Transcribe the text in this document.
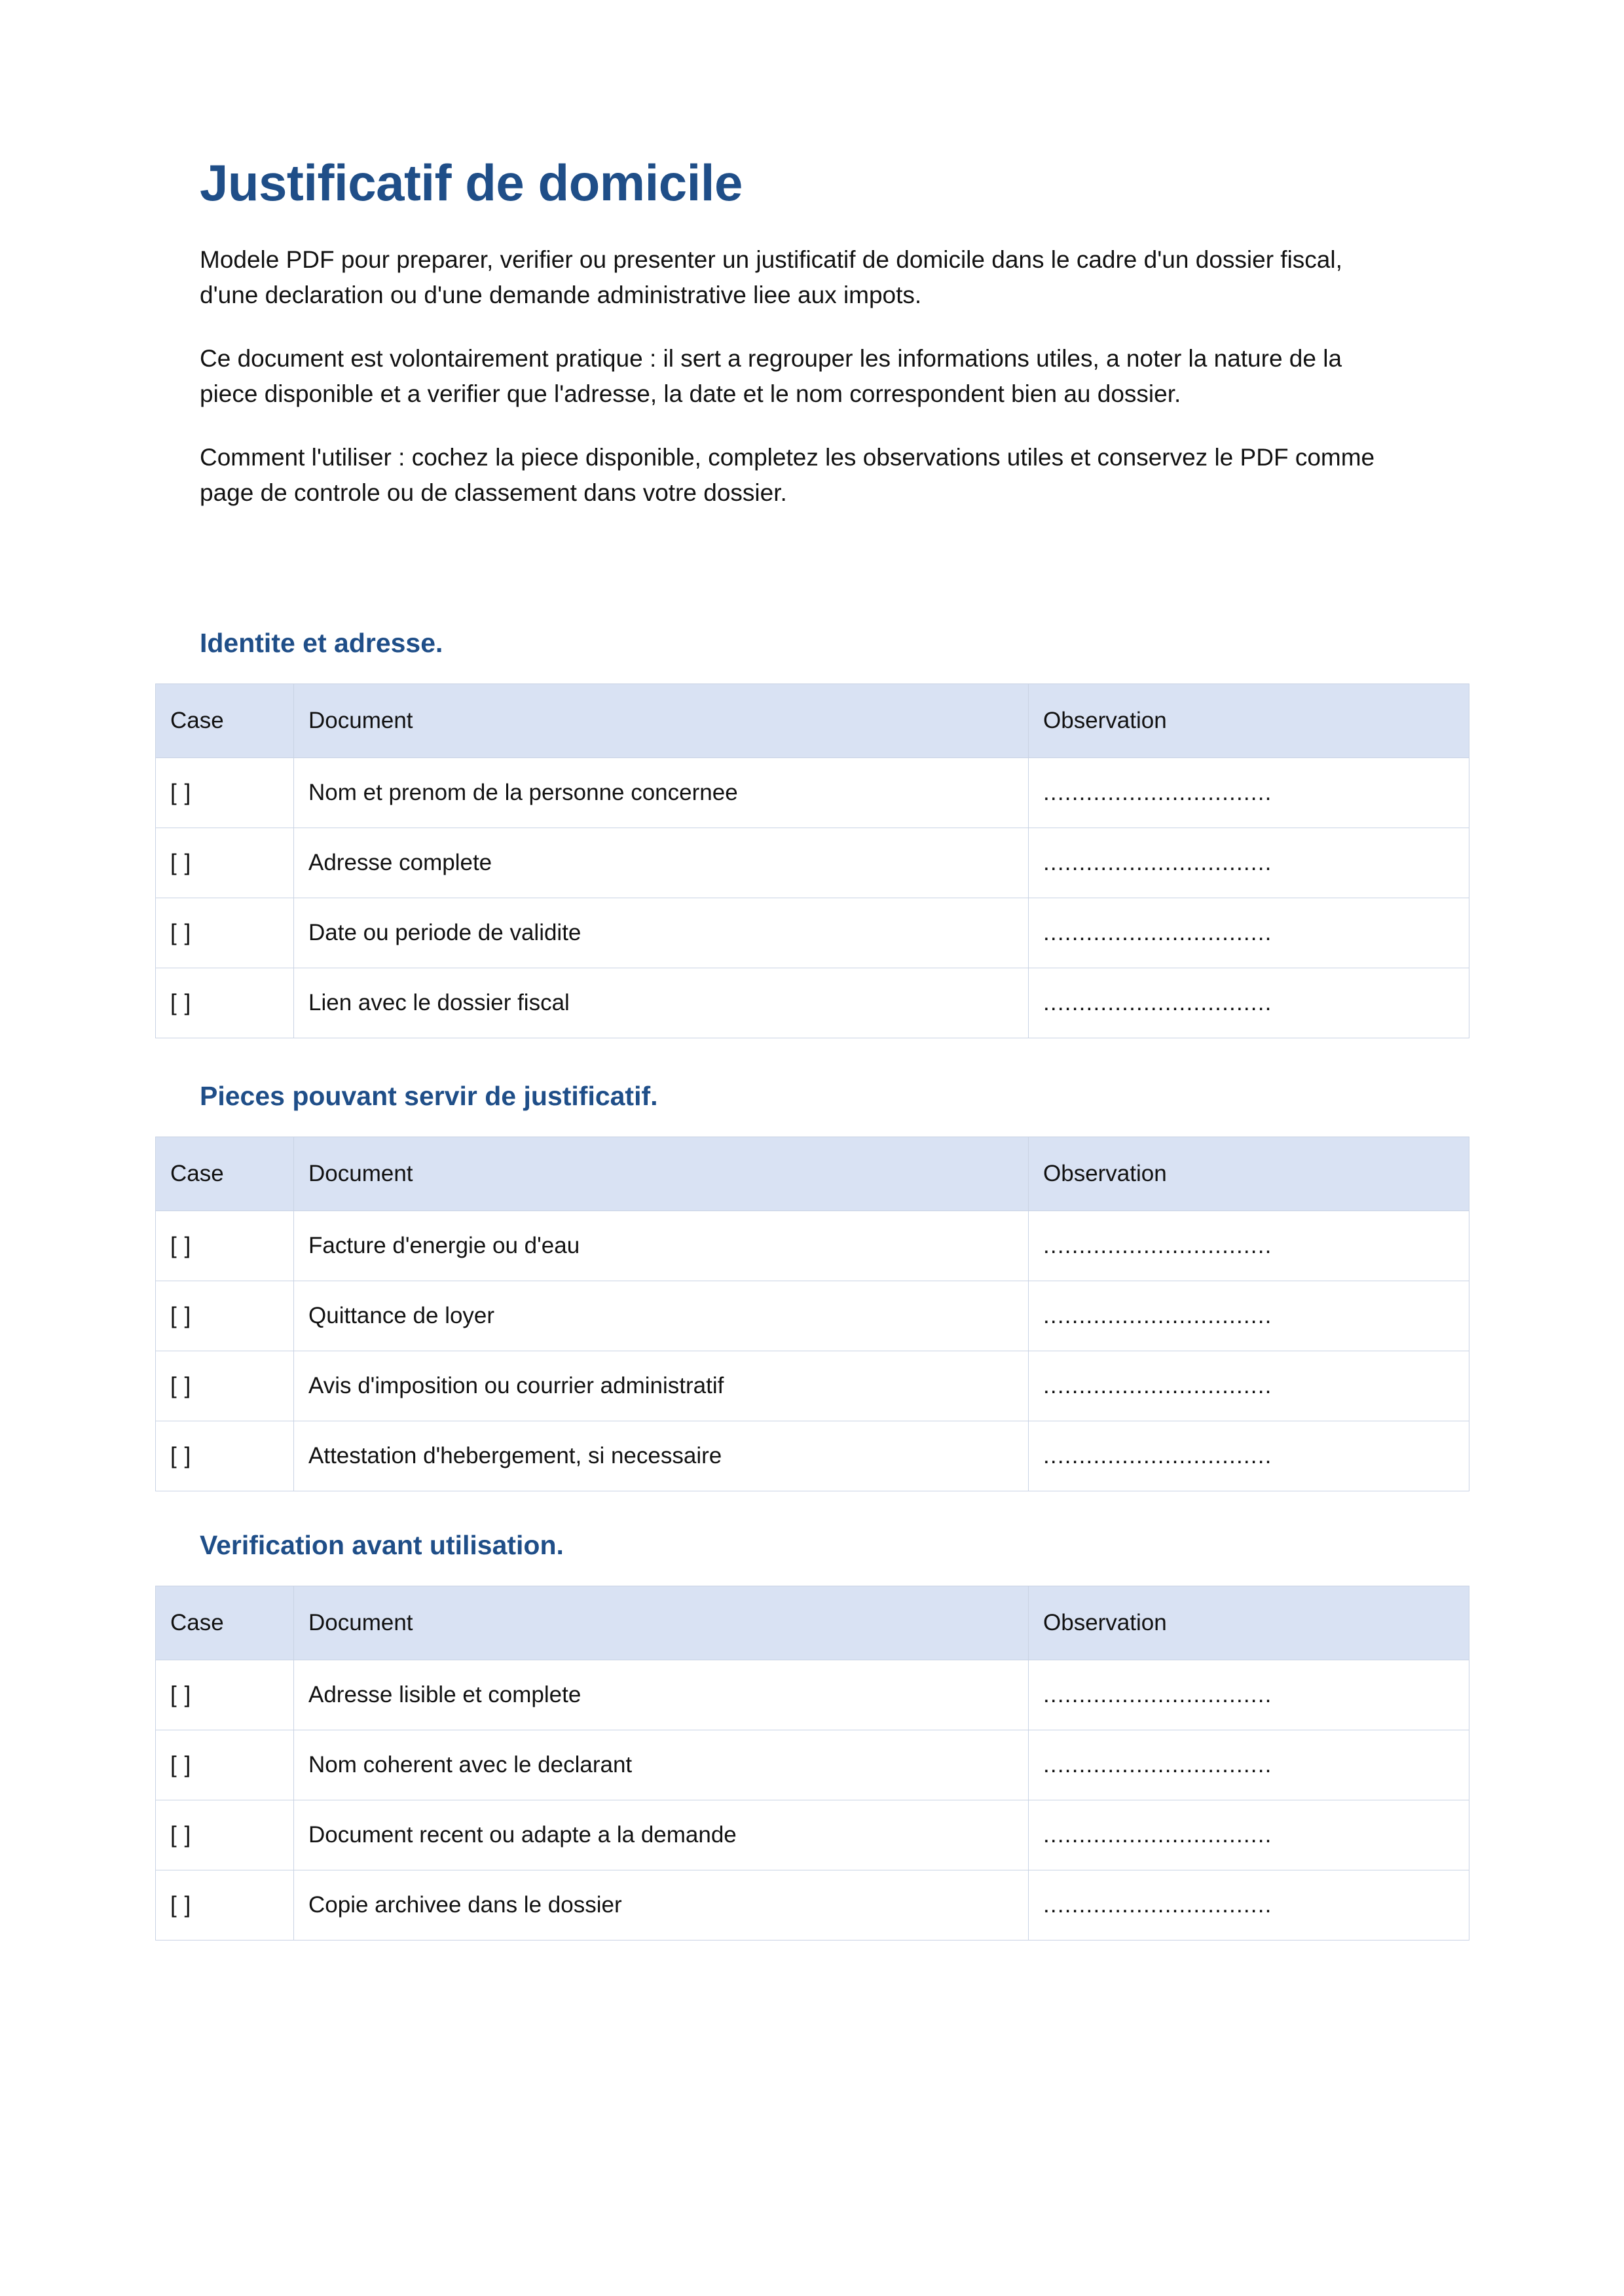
Justificatif de domicile

Modele PDF pour preparer, verifier ou presenter un justificatif de domicile dans le cadre d'un dossier fiscal, d'une declaration ou d'une demande administrative liee aux impots.

Ce document est volontairement pratique : il sert a regrouper les informations utiles, a noter la nature de la piece disponible et a verifier que l'adresse, la date et le nom correspondent bien au dossier.

Comment l'utiliser : cochez la piece disponible, completez les observations utiles et conservez le PDF comme page de controle ou de classement dans votre dossier.

Identite et adresse.
Case	Document	Observation
[ ]	Nom et prenom de la personne concernee	................................
[ ]	Adresse complete	................................
[ ]	Date ou periode de validite	................................
[ ]	Lien avec le dossier fiscal	................................
Pieces pouvant servir de justificatif.
Case	Document	Observation
[ ]	Facture d'energie ou d'eau	................................
[ ]	Quittance de loyer	................................
[ ]	Avis d'imposition ou courrier administratif	................................
[ ]	Attestation d'hebergement, si necessaire	................................
Verification avant utilisation.
Case	Document	Observation
[ ]	Adresse lisible et complete	................................
[ ]	Nom coherent avec le declarant	................................
[ ]	Document recent ou adapte a la demande	................................
[ ]	Copie archivee dans le dossier	................................
